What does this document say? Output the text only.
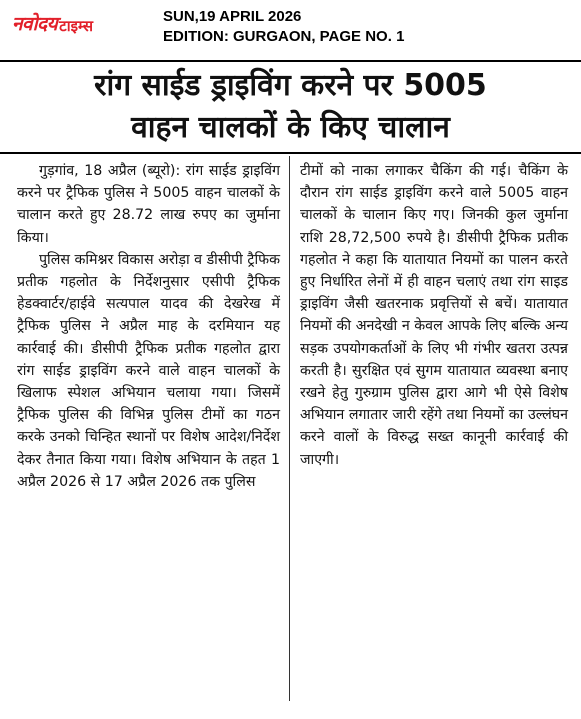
नवोदय टाइम्स
SUN,19 APRIL 2026
EDITION: GURGAON, PAGE NO. 1
रांग साईड ड्राइविंग करने पर 5005
वाहन चालकों के किए चालान

गुड़गांव, 18 अप्रैल (ब्यूरो): रांग साईड ड्राइविंग करने पर ट्रैफिक पुलिस ने 5005 वाहन चालकों के चालान करते हुए 28.72 लाख रुपए का जुर्माना किया।

पुलिस कमिश्नर विकास अरोड़ा व डीसीपी ट्रैफिक प्रतीक गहलोत के निर्देशनुसार एसीपी ट्रैफिक हेडक्वार्टर/हाईवे सत्यपाल यादव की देखरेख में ट्रैफिक पुलिस ने अप्रैल माह के दरमियान यह कार्रवाई की। डीसीपी ट्रैफिक प्रतीक गहलोत द्वारा रांग साईड ड्राइविंग करने वाले वाहन चालकों के खिलाफ स्पेशल अभियान चलाया गया। जिसमें ट्रैफिक पुलिस की विभिन्न पुलिस टीमों का गठन करके उनको चिन्हित स्थानों पर विशेष आदेश/निर्देश देकर तैनात किया गया। विशेष अभियान के तहत 1 अप्रैल 2026 से 17 अप्रैल 2026 तक पुलिस

टीमों को नाका लगाकर चैकिंग की गई। चैकिंग के दौरान रांग साईड ड्राइविंग करने वाले 5005 वाहन चालकों के चालान किए गए। जिनकी कुल जुर्माना राशि 28,72,500 रुपये है। डीसीपी ट्रैफिक प्रतीक गहलोत ने कहा कि यातायात नियमों का पालन करते हुए निर्धारित लेनों में ही वाहन चलाएं तथा रांग साइड ड्राइविंग जैसी खतरनाक प्रवृत्तियों से बचें। यातायात नियमों की अनदेखी न केवल आपके लिए बल्कि अन्य सड़क उपयोगकर्ताओं के लिए भी गंभीर खतरा उत्पन्न करती है। सुरक्षित एवं सुगम यातायात व्यवस्था बनाए रखने हेतु गुरुग्राम पुलिस द्वारा आगे भी ऐसे विशेष अभियान लगातार जारी रहेंगे तथा नियमों का उल्लंघन करने वालों के विरुद्ध सख्त कानूनी कार्रवाई की जाएगी।
